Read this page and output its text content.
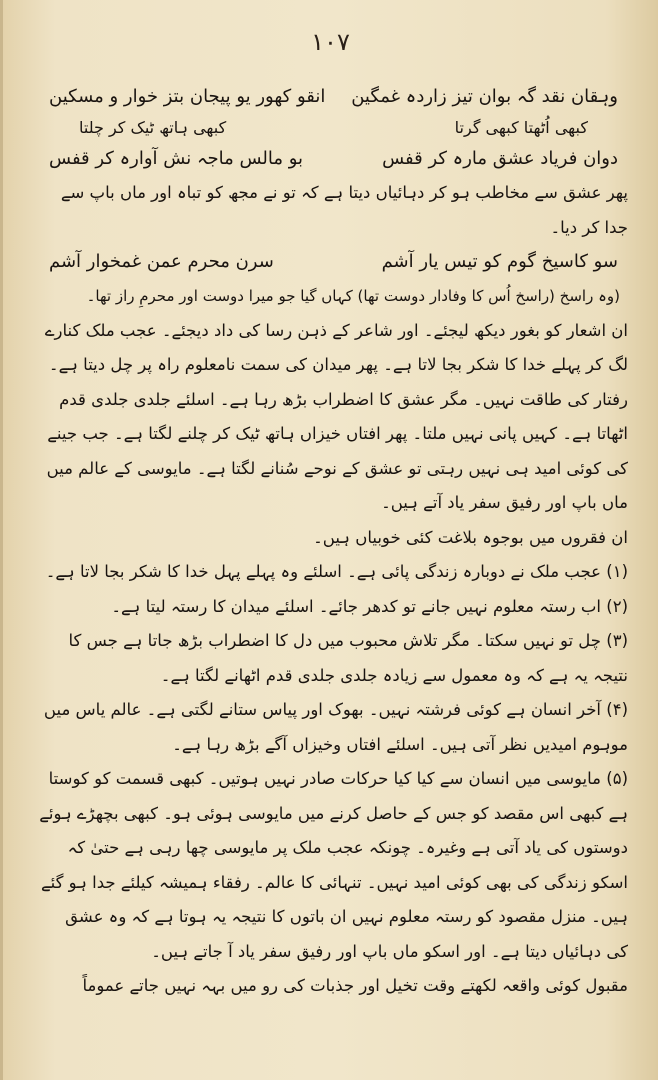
۱۰۷
وہقان نقد گہ بوان تیز زاردہ غمگین
انقو کھور یو پیجان بتز خوار و مسکین
کبھی اُٹھتا کبھی گرتا
کبھی ہاتھ ٹیک کر چلتا
دوان فریاد عشق مارہ کر قفس
بو مالس ماجہ نش آوارہ کر قفس

پھر عشق سے مخاطب ہو کر دہائیاں دیتا ہے کہ تو نے مجھ کو تباہ اور ماں باپ سے جدا کر دیا۔

سو کاسیخ گوم کو تیس یار آشم
سرن محرم عمن غمخوار آشم

(وہ راسخ (راسخ اُس کا وفادار دوست تھا) کہاں گیا جو میرا دوست اور محرمِ راز تھا۔

ان اشعار کو بغور دیکھ لیجئے۔ اور شاعر کے ذہن رسا کی داد دیجئے۔ عجب ملک کنارے لگ کر پہلے خدا کا شکر بجا لاتا ہے۔ پھر میدان کی سمت نامعلوم راہ پر چل دیتا ہے۔ رفتار کی طاقت نہیں۔ مگر عشق کا اضطراب بڑھ رہا ہے۔ اسلئے جلدی جلدی قدم اٹھاتا ہے۔ کہیں پانی نہیں ملتا۔ پھر افتاں خیزاں ہاتھ ٹیک کر چلنے لگتا ہے۔ جب جینے کی کوئی امید ہی نہیں رہتی تو عشق کے نوحے سُنانے لگتا ہے۔ مایوسی کے عالم میں ماں باپ اور رفیق سفر یاد آتے ہیں۔

ان فقروں میں بوجوہ بلاغت کئی خوبیاں ہیں۔

(۱) عجب ملک نے دوبارہ زندگی پائی ہے۔ اسلئے وہ پہلے پہل خدا کا شکر بجا لاتا ہے۔

(۲) اب رستہ معلوم نہیں جانے تو کدھر جائے۔ اسلئے میدان کا رستہ لیتا ہے۔

(۳) چل تو نہیں سکتا۔ مگر تلاش محبوب میں دل کا اضطراب بڑھ جاتا ہے جس کا نتیجہ یہ ہے کہ وہ معمول سے زیادہ جلدی جلدی قدم اٹھانے لگتا ہے۔

(۴) آخر انسان ہے کوئی فرشتہ نہیں۔ بھوک اور پیاس ستانے لگتی ہے۔ عالم یاس میں موہوم امیدیں نظر آتی ہیں۔ اسلئے افتاں وخیزاں آگے بڑھ رہا ہے۔

(۵) مایوسی میں انسان سے کیا کیا حرکات صادر نہیں ہوتیں۔ کبھی قسمت کو کوستا ہے کبھی اس مقصد کو جس کے حاصل کرنے میں مایوسی ہوئی ہو۔ کبھی بچھڑے ہوئے دوستوں کی یاد آتی ہے وغیرہ۔ چونکہ عجب ملک پر مایوسی چھا رہی ہے حتیٰ کہ اسکو زندگی کی بھی کوئی امید نہیں۔ تنہائی کا عالم۔ رفقاء ہمیشہ کیلئے جدا ہو گئے ہیں۔ منزل مقصود کو رستہ معلوم نہیں ان باتوں کا نتیجہ یہ ہوتا ہے کہ وہ عشق کی دہائیاں دیتا ہے۔ اور اسکو ماں باپ اور رفیق سفر یاد آ جاتے ہیں۔

مقبول کوئی واقعہ لکھتے وقت تخیل اور جذبات کی رو میں بہہ نہیں جاتے عموماً
